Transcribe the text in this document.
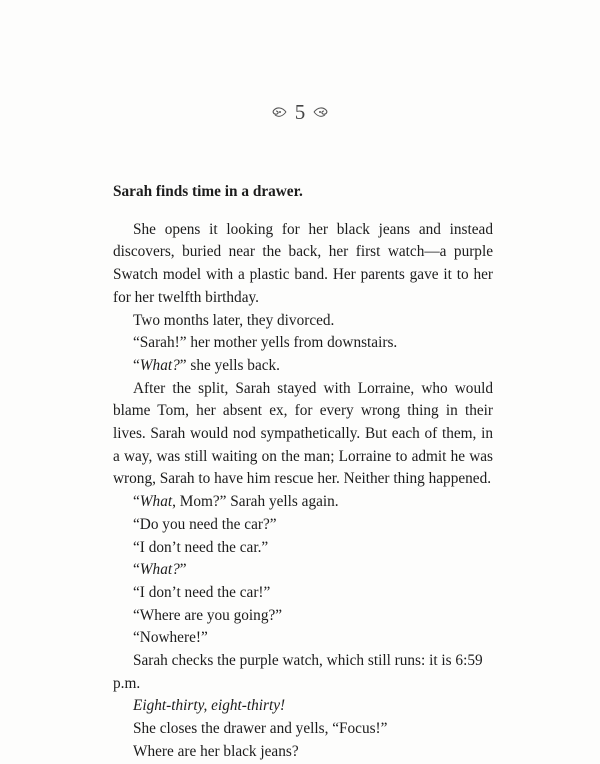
5
Sarah finds time in a drawer.

She opens it looking for her black jeans and instead discovers, buried near the back, her first watch—a purple Swatch model with a plastic band. Her parents gave it to her for her twelfth birthday.

Two months later, they divorced.

“Sarah!” her mother yells from downstairs.

“What?” she yells back.

After the split, Sarah stayed with Lorraine, who would blame Tom, her absent ex, for every wrong thing in their lives. Sarah would nod sympathetically. But each of them, in a way, was still waiting on the man; Lorraine to admit he was wrong, Sarah to have him rescue her. Neither thing happened.

“What, Mom?” Sarah yells again.

“Do you need the car?”

“I don’t need the car.”

“What?”

“I don’t need the car!”

“Where are you going?”

“Nowhere!”

Sarah checks the purple watch, which still runs: it is 6:59 p.m.

Eight-thirty, eight-thirty!

She closes the drawer and yells, “Focus!”

Where are her black jeans?
